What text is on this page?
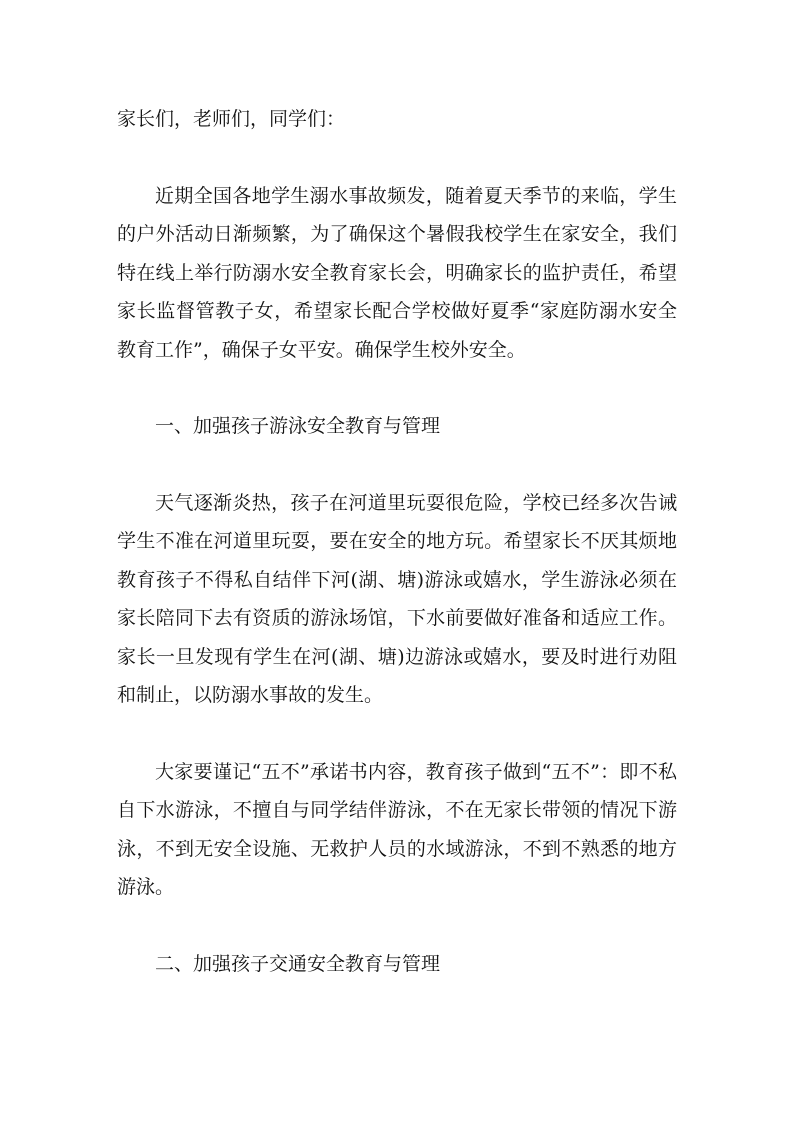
家长们，老师们，同学们：

近期全国各地学生溺水事故频发，随着夏天季节的来临，学生的户外活动日渐频繁，为了确保这个暑假我校学生在家安全，我们特在线上举行防溺水安全教育家长会，明确家长的监护责任，希望家长监督管教子女，希望家长配合学校做好夏季“家庭防溺水安全教育工作”，确保子女平安。确保学生校外安全。

一、加强孩子游泳安全教育与管理

天气逐渐炎热，孩子在河道里玩耍很危险，学校已经多次告诫学生不准在河道里玩耍，要在安全的地方玩。希望家长不厌其烦地教育孩子不得私自结伴下河(湖、塘)游泳或嬉水，学生游泳必须在家长陪同下去有资质的游泳场馆，下水前要做好准备和适应工作。家长一旦发现有学生在河(湖、塘)边游泳或嬉水，要及时进行劝阻和制止，以防溺水事故的发生。

大家要谨记“五不”承诺书内容，教育孩子做到“五不”：即不私自下水游泳，不擅自与同学结伴游泳，不在无家长带领的情况下游泳，不到无安全设施、无救护人员的水域游泳，不到不熟悉的地方游泳。

二、加强孩子交通安全教育与管理
